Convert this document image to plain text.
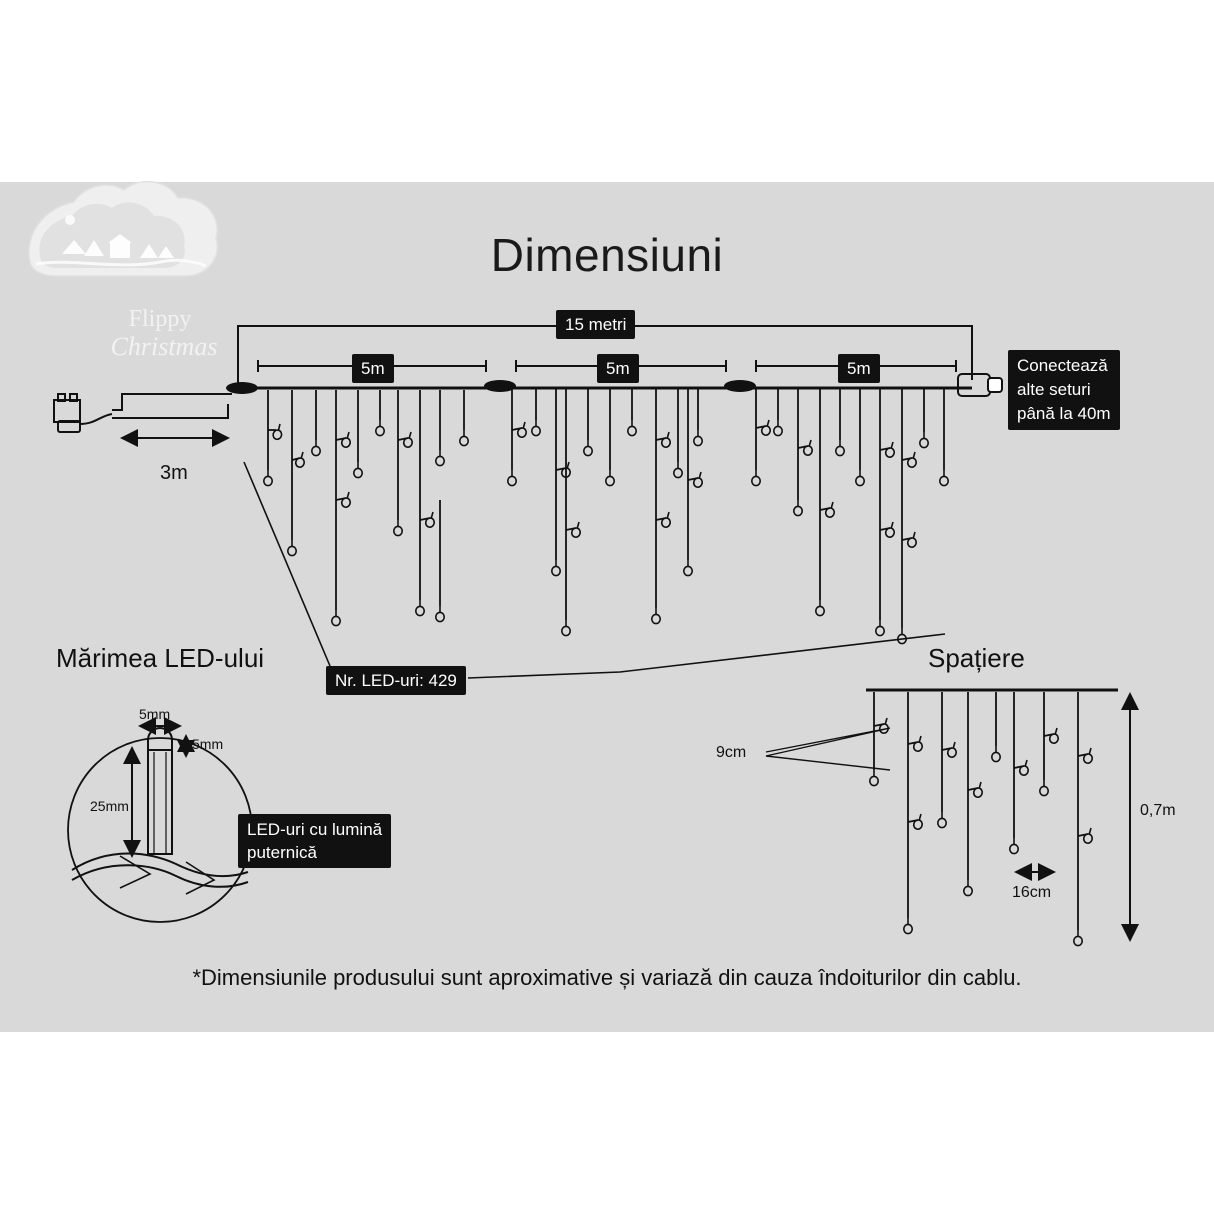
Dimensiuni
Flippy
Christmas
15 metri
5m	5m	5m	Conectează
alte seturi
până la 40m
Nr. LED-uri: 429
3m
Mărimea LED-ului
5mm
5mm
25mm
LED-uri cu lumină
puternică
Spațiere
9cm
16cm
0,7m
*Dimensiunile produsului sunt aproximative și variază din cauza îndoiturilor din cablu.
